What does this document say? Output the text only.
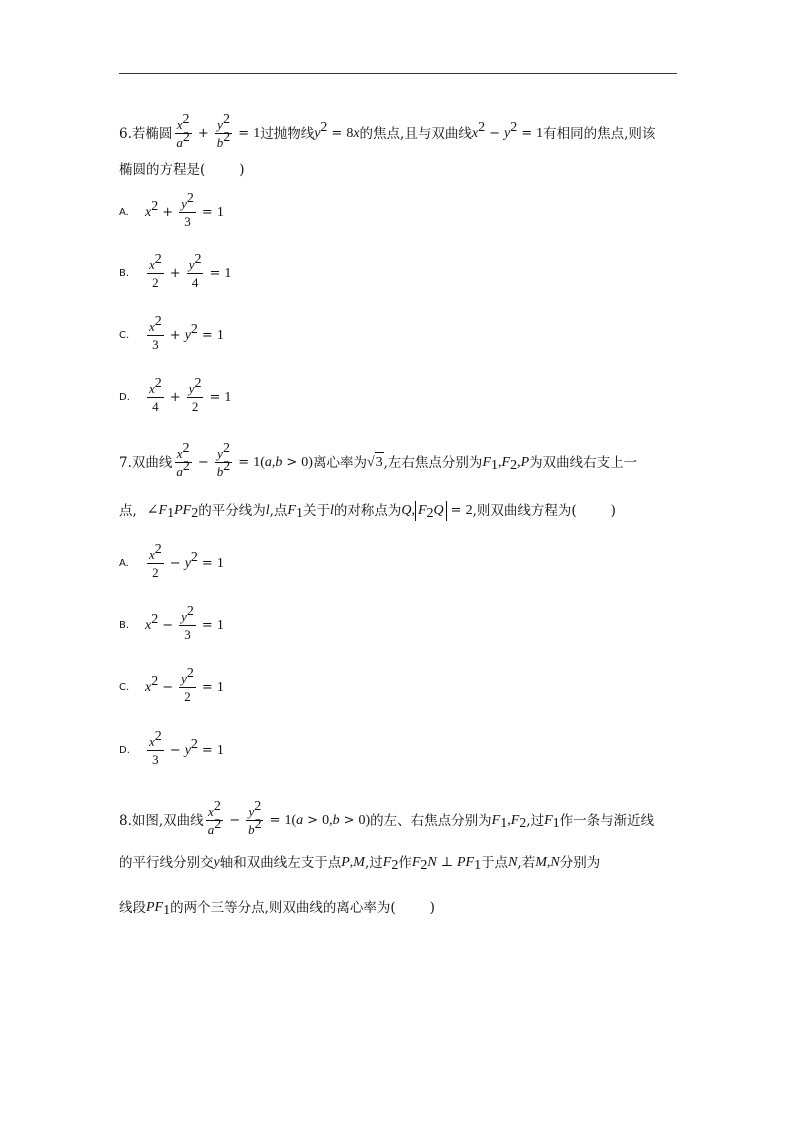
6. 若椭圆 $\frac{x^2}{a^2} + \frac{y^2}{b^2} = 1$ 过抛物线 $y^2 = 8$ x 的焦点,且与双曲线 $x^2 - y^2 = 1$ 有相同的焦点,则该
椭圆的方程是(	)
A.	$x^2 + \frac{y^2}{3} = 1$
B.	$\frac{x^2}{2} + \frac{y^2}{4} = 1$
C.	$\frac{x^2}{3} + y^2 = 1$
D.	$\frac{x^2}{4} + \frac{y^2}{2} = 1$
7. 双曲线 $\frac{x^2}{a^2} - \frac{y^2}{b^2} = 1$( a , b > 0) 离心率为 √ 3 ,左右焦点分别为 $F_1$ , $F_2$ , P 为双曲线右支上一
点, ∠ $F_1PF_2$ 的平分线为 l ,点 $F_1$ 关于 l 的对称点为 Q , $F_2Q = 2$ ,则双曲线方程为(	)
A.	$\frac{x^2}{2} - y^2 = 1$
B.	$x^2 - \frac{y^2}{3} = 1$
C.	$x^2 - \frac{y^2}{2} = 1$
D.	$\frac{x^2}{3} - y^2 = 1$
8. 如图,双曲线 $\frac{x^2}{a^2} - \frac{y^2}{b^2} = 1$( a > 0, b > 0) 的左、右焦点分别为 $F_1$ , $F_2$ ,过 $F_1$ 作一条与渐近线
的平行线分别交 y 轴和双曲线左支于点 P , M ,过 $F_2$ 作 $F_2N$ ⊥ $PF_1$ 于点 N ,若 M , N 分别为
线段 $PF_1$ 的两个三等分点,则双曲线的离心率为(	)
